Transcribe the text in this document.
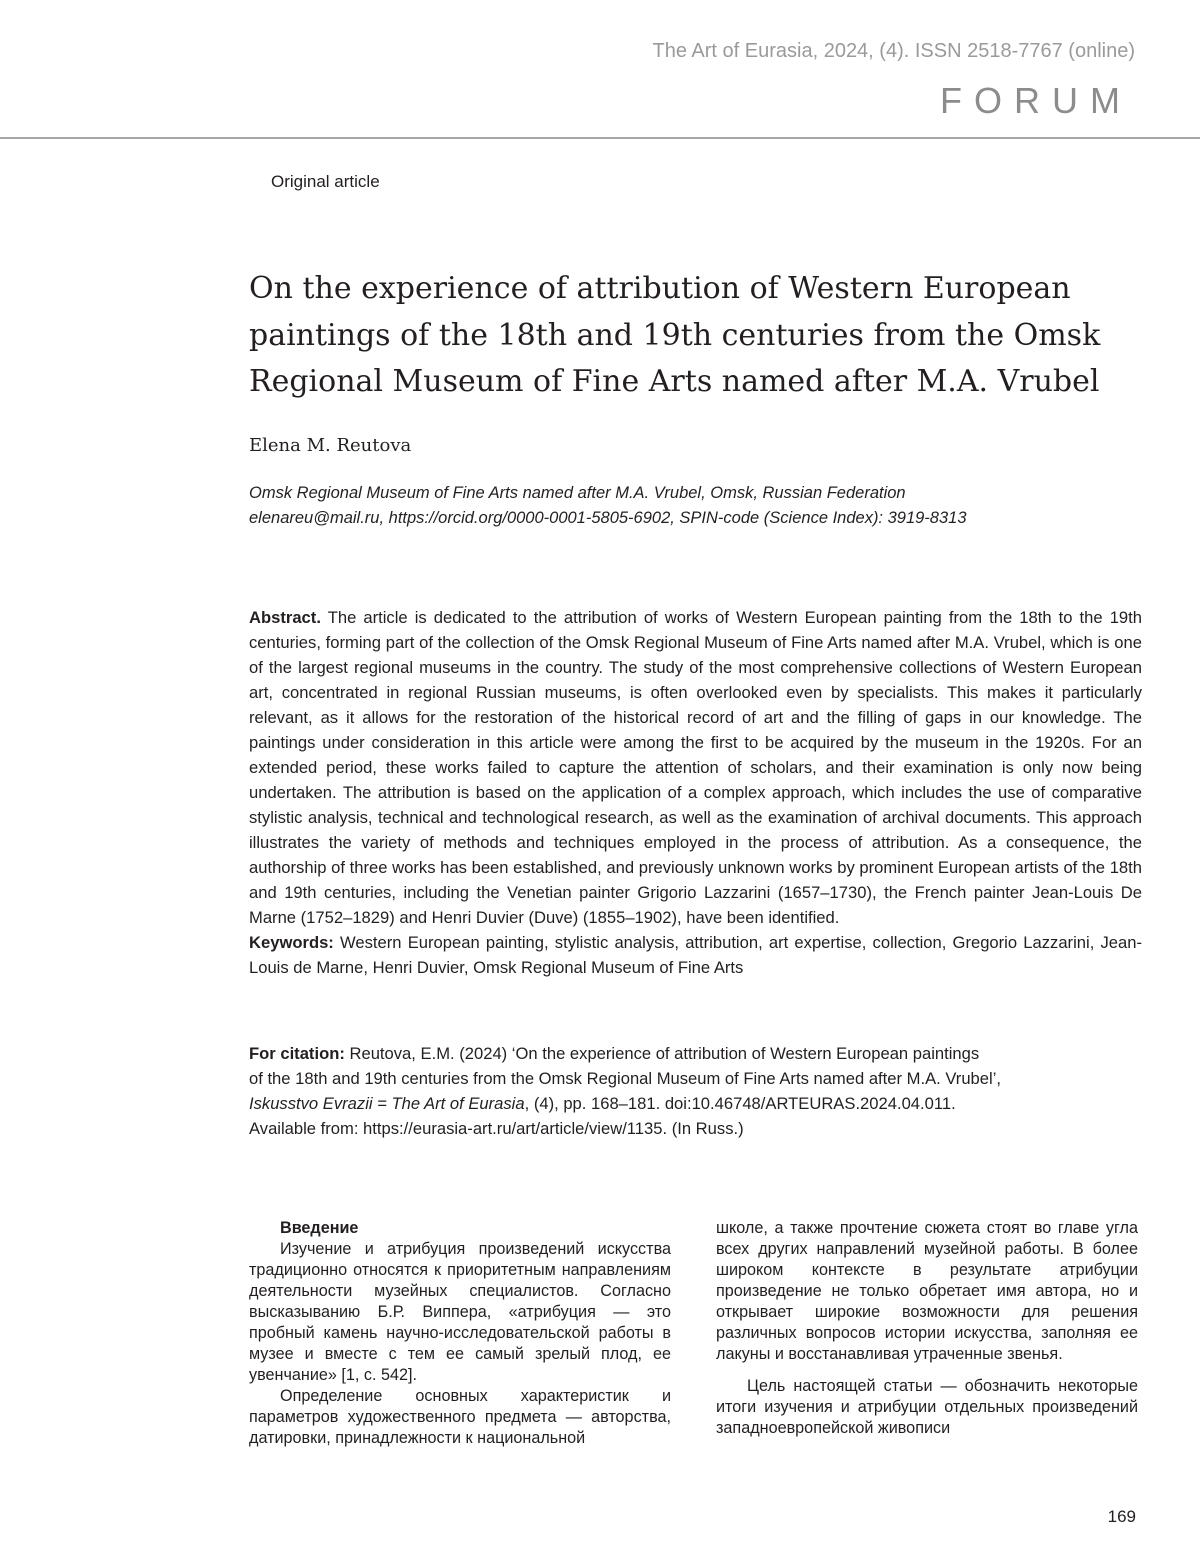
The Art of Eurasia, 2024, (4). ISSN 2518-7767 (online)
FORUM
Original article
On the experience of attribution of Western European paintings of the 18th and 19th centuries from the Omsk Regional Museum of Fine Arts named after M.A. Vrubel
Elena M. Reutova
Omsk Regional Museum of Fine Arts named after M.A. Vrubel, Omsk, Russian Federation
elenareu@mail.ru, https://orcid.org/0000-0001-5805-6902, SPIN-code (Science Index): 3919-8313

Abstract. The article is dedicated to the attribution of works of Western European painting from the 18th to the 19th centuries, forming part of the collection of the Omsk Regional Museum of Fine Arts named after M.A. Vrubel, which is one of the largest regional museums in the country. The study of the most comprehensive collections of Western European art, concentrated in regional Russian museums, is often overlooked even by specialists. This makes it particularly relevant, as it allows for the restoration of the historical record of art and the filling of gaps in our knowledge. The paintings under consideration in this article were among the first to be acquired by the museum in the 1920s. For an extended period, these works failed to capture the attention of scholars, and their examination is only now being undertaken. The attribution is based on the application of a complex approach, which includes the use of comparative stylistic analysis, technical and technological research, as well as the examination of archival documents. This approach illustrates the variety of methods and techniques employed in the process of attribution. As a consequence, the authorship of three works has been established, and previously unknown works by prominent European artists of the 18th and 19th centuries, including the Venetian painter Grigorio Lazzarini (1657–1730), the French painter Jean-Louis De Marne (1752–1829) and Henri Duvier (Duve) (1855–1902), have been identified.

Keywords: Western European painting, stylistic analysis, attribution, art expertise, collection, Gregorio Lazzarini, Jean-Louis de Marne, Henri Duvier, Omsk Regional Museum of Fine Arts

For citation: Reutova, E.M. (2024) ‘On the experience of attribution of Western European paintings
of the 18th and 19th centuries from the Omsk Regional Museum of Fine Arts named after M.A. Vrubel’,
Iskusstvo Evrazii = The Art of Eurasia, (4), pp. 168–181. doi:10.46748/ARTEURAS.2024.04.011.
Available from: https://eurasia-art.ru/art/article/view/1135. (In Russ.)
Введение

Изучение и атрибуция произведений искусства традиционно относятся к приоритетным направлениям деятельности музейных специалистов. Согласно высказыванию Б.Р. Виппера, «атрибуция — это пробный камень научно-исследовательской работы в музее и вместе с тем ее самый зрелый плод, ее увенчание» [1, с. 542].

Определение основных характеристик и параметров художественного предмета — авторства, датировки, принадлежности к национальной

школе, а также прочтение сюжета стоят во главе угла всех других направлений музейной работы. В более широком контексте в результате атрибуции произведение не только обретает имя автора, но и открывает широкие возможности для решения различных вопросов истории искусства, заполняя ее лакуны и восстанавливая утраченные звенья.

Цель настоящей статьи — обозначить некоторые итоги изучения и атрибуции отдельных произведений западноевропейской живописи

169
